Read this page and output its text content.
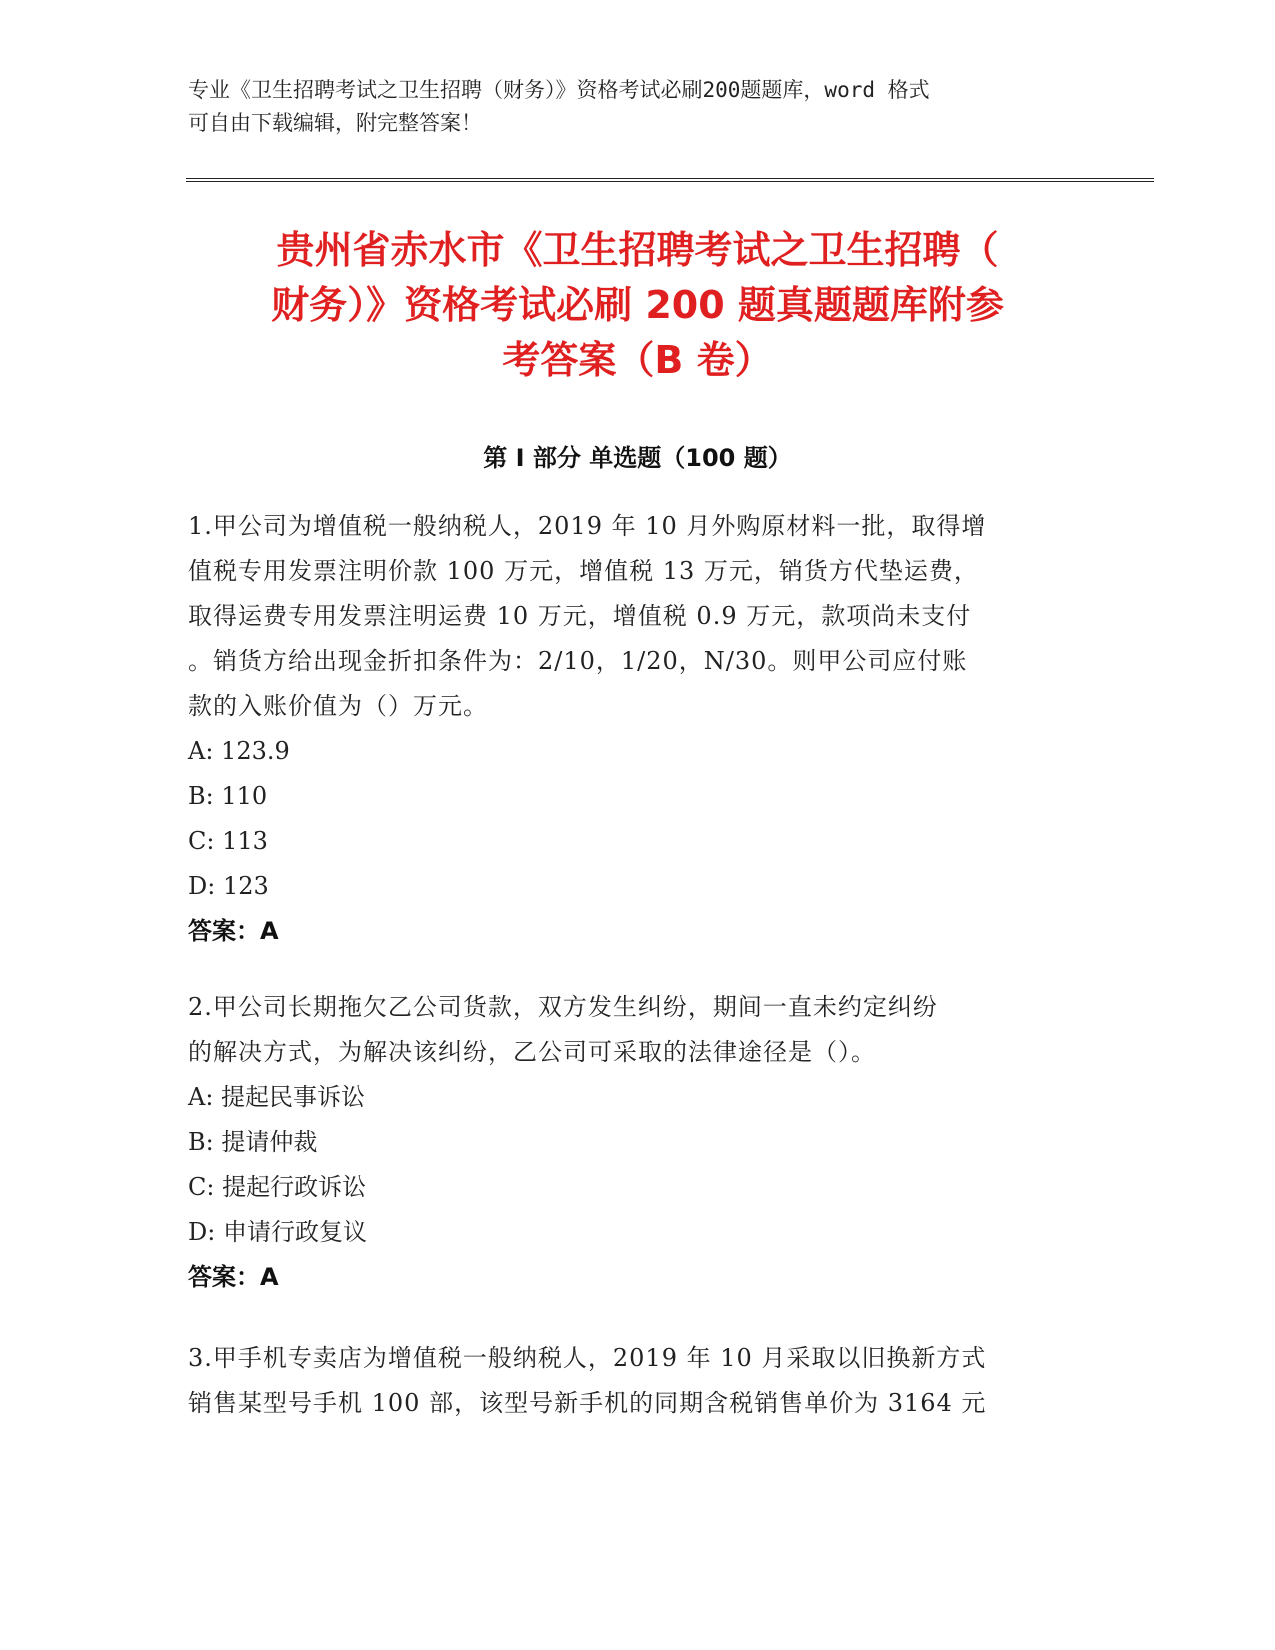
专业《卫生招聘考试之卫生招聘（财务）》资格考试必刷200题题库，word 格式
可自由下载编辑，附完整答案！
贵州省赤水市《卫生招聘考试之卫生招聘（
财务）》资格考试必刷 200 题真题题库附参
考答案（B 卷）
第 I 部分 单选题（100 题）
1.甲公司为增值税一般纳税人，2019 年 10 月外购原材料一批，取得增
值税专用发票注明价款 100 万元，增值税 13 万元，销货方代垫运费，
取得运费专用发票注明运费 10 万元，增值税 0.9 万元，款项尚未支付
。销货方给出现金折扣条件为：2/10，1/20，N/30。则甲公司应付账
款的入账价值为（）万元。
A: 123.9
B: 110
C: 113
D: 123
答案：A
2.甲公司长期拖欠乙公司货款，双方发生纠纷，期间一直未约定纠纷
的解决方式，为解决该纠纷，乙公司可采取的法律途径是（）。
A: 提起民事诉讼
B: 提请仲裁
C: 提起行政诉讼
D: 申请行政复议
答案：A
3.甲手机专卖店为增值税一般纳税人，2019 年 10 月采取以旧换新方式
销售某型号手机 100 部，该型号新手机的同期含税销售单价为 3164 元
